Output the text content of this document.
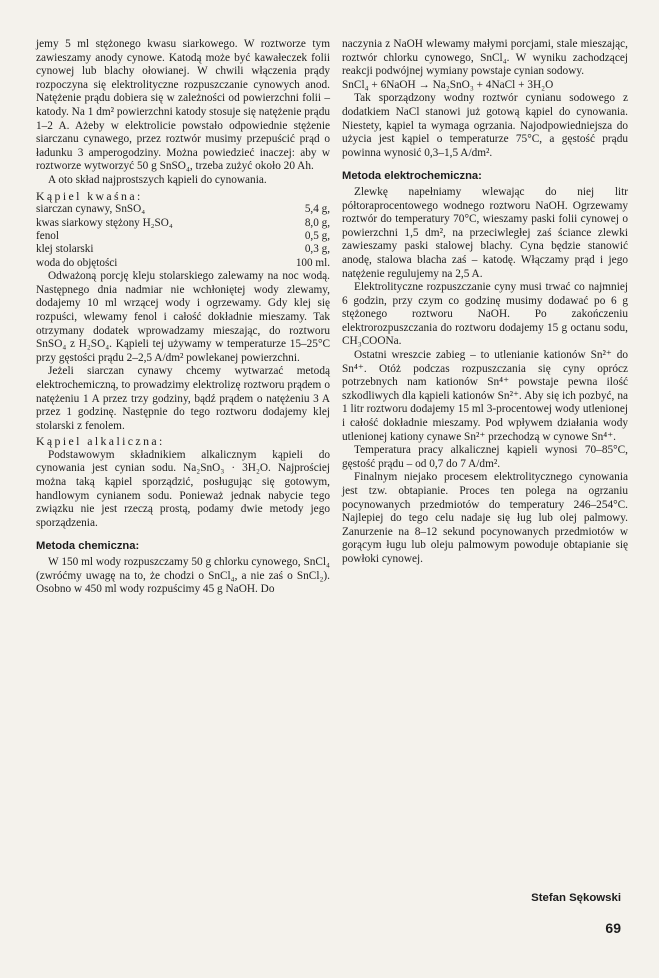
jemy 5 ml stężonego kwasu siarkowego. W roztworze tym zawieszamy anody cynowe. Katodą może być kawałeczek folii cynowej lub blachy ołowianej. W chwili włączenia prądy rozpoczyna się elektrolityczne rozpuszczanie cynowych anod. Natężenie prądu dobiera się w zależności od powierzchni folii – katody. Na 1 dm² powierzchni katody stosuje się natężenie prądu 1–2 A. Ażeby w elektrolicie powstało odpowiednie stężenie siarczanu cynawego, przez roztwór musimy przepuścić prąd o ładunku 3 amperogodziny. Można powiedzieć inaczej: aby w roztworze wytworzyć 50 g SnSO₄, trzeba zużyć około 20 Ah.

A oto skład najprostszych kąpieli do cynowania.

Kąpiel kwaśna:
siarczan cynawy, SnSO₄	5,4 g,
kwas siarkowy stężony H₂SO₄	8,0 g,
fenol	0,5 g,
klej stolarski	0,3 g,
woda do objętości	100 ml.

Odważoną porcję kleju stolarskiego zalewamy na noc wodą. Następnego dnia nadmiar nie wchłoniętej wody zlewamy, dodajemy 10 ml wrzącej wody i ogrzewamy. Gdy klej się rozpuści, wlewamy fenol i całość dokładnie mieszamy. Tak otrzymany dodatek wprowadzamy mieszając, do roztworu SnSO₄ z H₂SO₄. Kąpieli tej używamy w temperaturze 15–25°C przy gęstości prądu 2–2,5 A/dm² powlekanej powierzchni.

Jeżeli siarczan cynawy chcemy wytwarzać metodą elektrochemiczną, to prowadzimy elektrolizę roztworu prądem o natężeniu 1 A przez trzy godziny, bądź prądem o natężeniu 3 A przez 1 godzinę. Następnie do tego roztworu dodajemy klej stolarski z fenolem.

Kąpiel alkaliczna:

Podstawowym składnikiem alkalicznym kąpieli do cynowania jest cynian sodu. Na₂SnO₃ · 3H₂O. Najprościej można taką kąpiel sporządzić, posługując się gotowym, handlowym cynianem sodu. Ponieważ jednak nabycie tego związku nie jest rzeczą prostą, podamy dwie metody jego sporządzenia.

Metoda chemiczna:

W 150 ml wody rozpuszczamy 50 g chlorku cynowego, SnCl₄ (zwróćmy uwagę na to, że chodzi o SnCl₄, a nie zaś o SnCl₂). Osobno w 450 ml wody rozpuścimy 45 g NaOH. Do

naczynia z NaOH wlewamy małymi porcjami, stale mieszając, roztwór chlorku cynowego, SnCl₄. W wyniku zachodzącej reakcji podwójnej wymiany powstaje cynian sodowy.

SnCl₄ + 6NaOH → Na₂SnO₃ + 4NaCl + 3H₂O

Tak sporządzony wodny roztwór cynianu sodowego z dodatkiem NaCl stanowi już gotową kąpiel do cynowania. Niestety, kąpiel ta wymaga ogrzania. Najodpowiedniejsza do użycia jest kąpiel o temperaturze 75°C, a gęstość prądu powinna wynosić 0,3–1,5 A/dm².

Metoda elektrochemiczna:

Zlewkę napełniamy wlewając do niej litr półtoraprocentowego wodnego roztworu NaOH. Ogrzewamy roztwór do temperatury 70°C, wieszamy paski folii cynowej o powierzchni 1,5 dm², na przeciwległej zaś ściance zlewki zawieszamy paski stalowej blachy. Cyna będzie stanowić anodę, stalowa blacha zaś – katodę. Włączamy prąd i jego natężenie regulujemy na 2,5 A.

Elektrolityczne rozpuszczanie cyny musi trwać co najmniej 6 godzin, przy czym co godzinę musimy dodawać po 6 g stężonego roztworu NaOH. Po zakończeniu elektrorozpuszczania do roztworu dodajemy 15 g octanu sodu, CH₃COONa.

Ostatni wreszcie zabieg – to utlenianie kationów Sn²⁺ do Sn⁴⁺. Otóż podczas rozpuszczania się cyny oprócz potrzebnych nam kationów Sn⁴⁺ powstaje pewna ilość szkodliwych dla kąpieli kationów Sn²⁺. Aby się ich pozbyć, na 1 litr roztworu dodajemy 15 ml 3-procentowej wody utlenionej i całość dokładnie mieszamy. Pod wpływem działania wody utlenionej kationy cynawe Sn²⁺ przechodzą w cynowe Sn⁴⁺.

Temperatura pracy alkalicznej kąpieli wynosi 70–85°C, gęstość prądu – od 0,7 do 7 A/dm².

Finalnym niejako procesem elektrolitycznego cynowania jest tzw. obtapianie. Proces ten polega na ogrzaniu pocynowanych przedmiotów do temperatury 246–254°C. Najlepiej do tego celu nadaje się ług lub olej palmowy. Zanurzenie na 8–12 sekund pocynowanych przedmiotów w gorącym ługu lub oleju palmowym powoduje obtapianie się powłoki cynowej.

Stefan Sękowski
69
